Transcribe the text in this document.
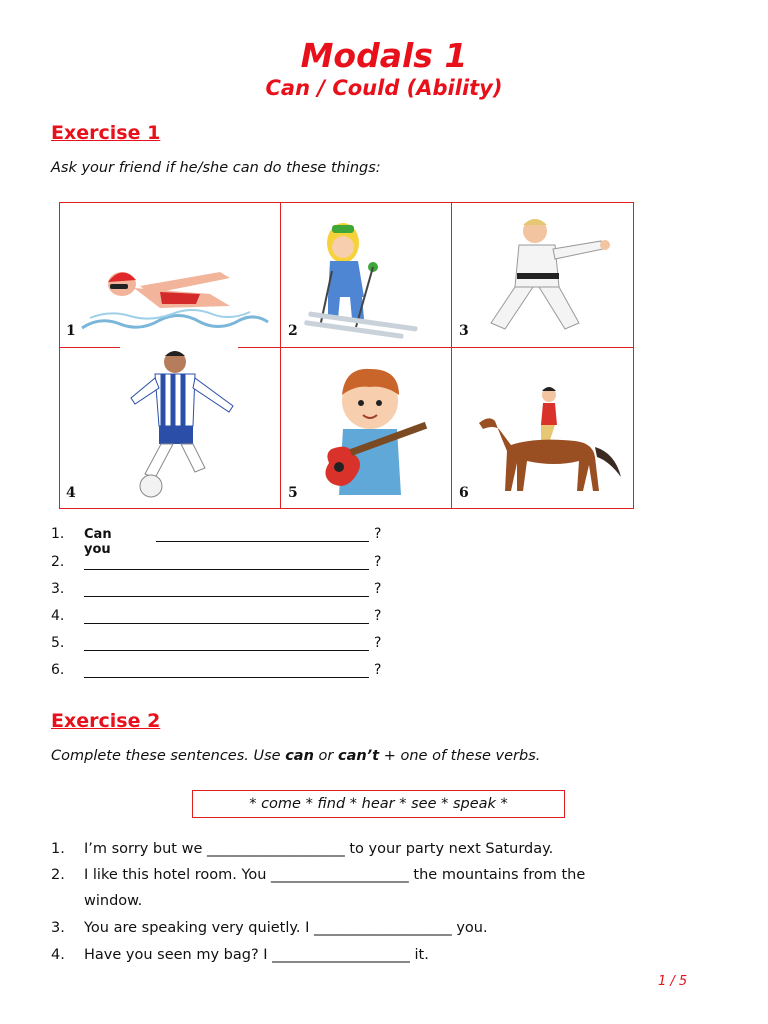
Modals 1
Can / Could (Ability)
Exercise 1
Ask your friend if he/she can do these things:
1	2	3
4	5	6
1.	Can you
?
2.	?
3.	?
4.	?
5.	?
6.	?
Exercise 2
Complete these sentences. Use can or can’t + one of these verbs.
* come * find * hear * see * speak *
1. I’m sorry but we ___________________ to your party next Saturday.
2. I like this hotel room. You ___________________ the mountains from the
window.
3. You are speaking very quietly. I ___________________ you.
4. Have you seen my bag? I ___________________ it.
1 / 5
